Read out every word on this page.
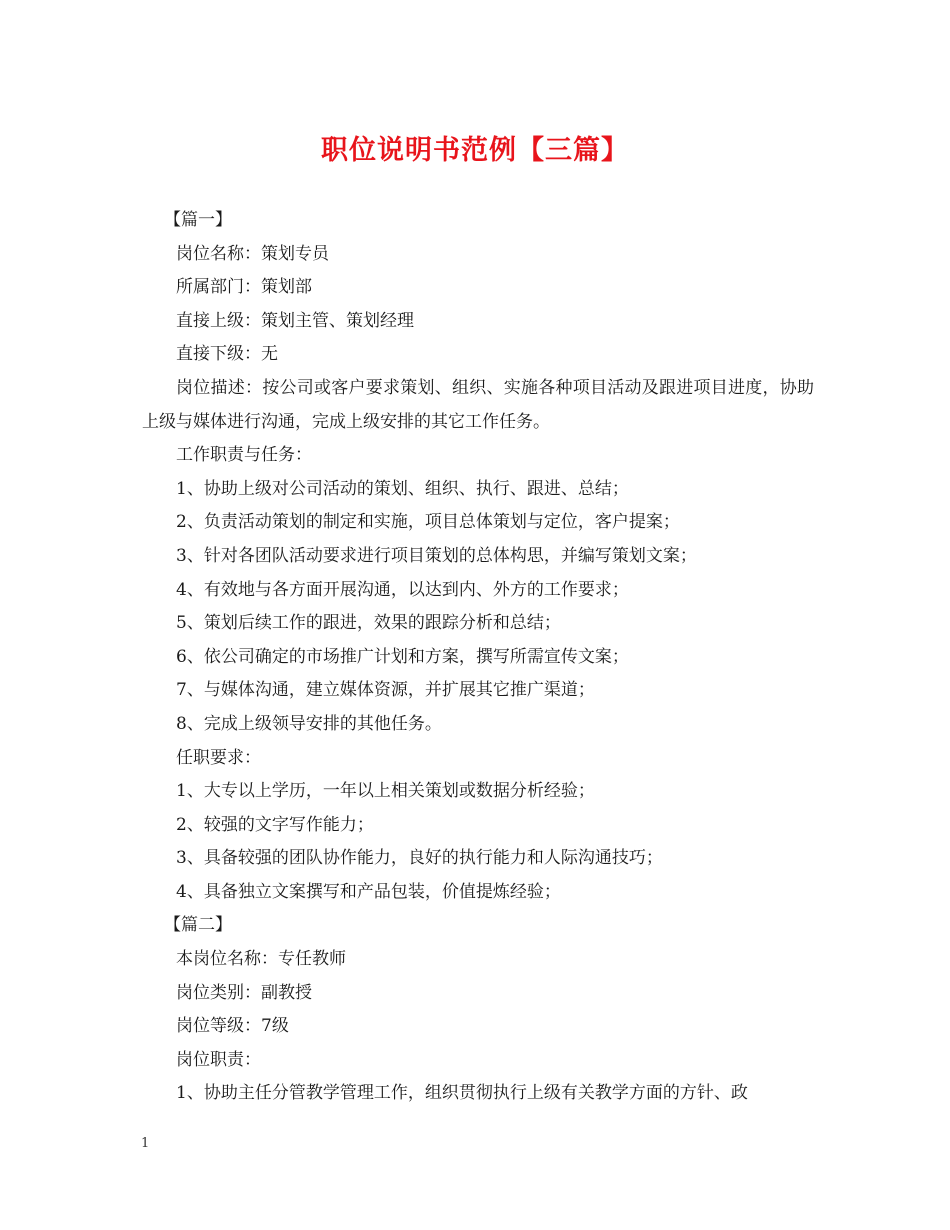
职位说明书范例【三篇】

【篇一】

岗位名称：策划专员

所属部门：策划部

直接上级：策划主管、策划经理

直接下级：无

岗位描述：按公司或客户要求策划、组织、实施各种项目活动及跟进项目进度，协助上级与媒体进行沟通，完成上级安排的其它工作任务。

工作职责与任务：

1、协助上级对公司活动的策划、组织、执行、跟进、总结；

2、负责活动策划的制定和实施，项目总体策划与定位，客户提案；

3、针对各团队活动要求进行项目策划的总体构思，并编写策划文案；

4、有效地与各方面开展沟通，以达到内、外方的工作要求；

5、策划后续工作的跟进，效果的跟踪分析和总结；

6、依公司确定的市场推广计划和方案，撰写所需宣传文案；

7、与媒体沟通，建立媒体资源，并扩展其它推广渠道；

8、完成上级领导安排的其他任务。

任职要求：

1、大专以上学历，一年以上相关策划或数据分析经验；

2、较强的文字写作能力；

3、具备较强的团队协作能力，良好的执行能力和人际沟通技巧；

4、具备独立文案撰写和产品包装，价值提炼经验；

【篇二】

本岗位名称：专任教师

岗位类别：副教授

岗位等级：7级

岗位职责：

1、协助主任分管教学管理工作，组织贯彻执行上级有关教学方面的方针、政

1
